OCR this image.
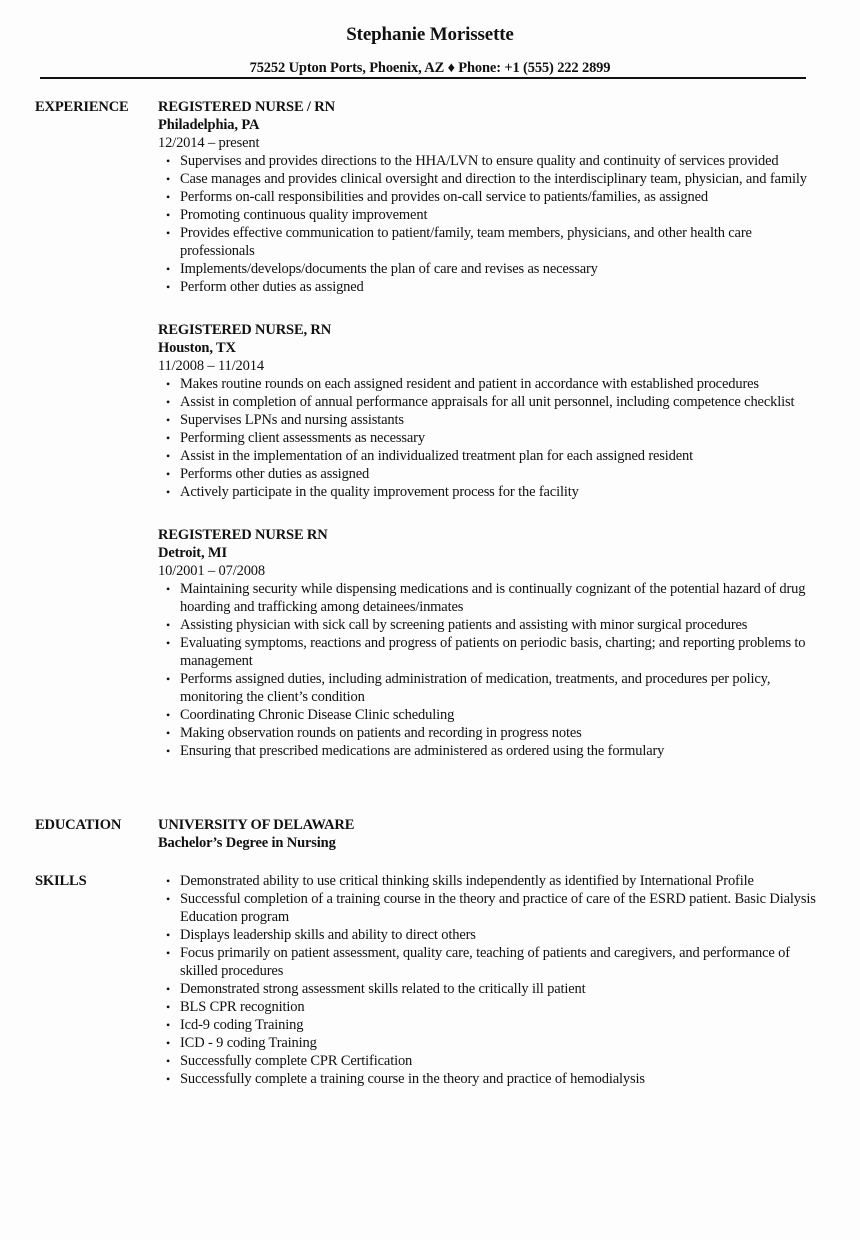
Stephanie Morissette
75252 Upton Ports, Phoenix, AZ ♦ Phone: +1 (555) 222 2899
EXPERIENCE REGISTERED NURSE / RN
Philadelphia, PA
12/2014 – present
• Supervises and provides directions to the HHA/LVN to ensure quality and continuity of services provided
• Case manages and provides clinical oversight and direction to the interdisciplinary team, physician, and family
• Performs on-call responsibilities and provides on-call service to patients/families, as assigned
• Promoting continuous quality improvement
• Provides effective communication to patient/family, team members, physicians, and other health care professionals
• Implements/develops/documents the plan of care and revises as necessary
• Perform other duties as assigned
REGISTERED NURSE, RN
Houston, TX
11/2008 – 11/2014
• Makes routine rounds on each assigned resident and patient in accordance with established procedures
• Assist in completion of annual performance appraisals for all unit personnel, including competence checklist
• Supervises LPNs and nursing assistants
• Performing client assessments as necessary
• Assist in the implementation of an individualized treatment plan for each assigned resident
• Performs other duties as assigned
• Actively participate in the quality improvement process for the facility
REGISTERED NURSE RN
Detroit, MI
10/2001 – 07/2008
• Maintaining security while dispensing medications and is continually cognizant of the potential hazard of drug hoarding and trafficking among detainees/inmates
• Assisting physician with sick call by screening patients and assisting with minor surgical procedures
• Evaluating symptoms, reactions and progress of patients on periodic basis, charting; and reporting problems to management
• Performs assigned duties, including administration of medication, treatments, and procedures per policy, monitoring the client’s condition
• Coordinating Chronic Disease Clinic scheduling
• Making observation rounds on patients and recording in progress notes
• Ensuring that prescribed medications are administered as ordered using the formulary
EDUCATION	UNIVERSITY OF DELAWARE
Bachelor’s Degree in Nursing
SKILLS	• Demonstrated ability to use critical thinking skills independently as identified by International Profile
• Successful completion of a training course in the theory and practice of care of the ESRD patient. Basic Dialysis Education program
• Displays leadership skills and ability to direct others
• Focus primarily on patient assessment, quality care, teaching of patients and caregivers, and performance of skilled procedures
• Demonstrated strong assessment skills related to the critically ill patient
• BLS CPR recognition
• Icd-9 coding Training
• ICD - 9 coding Training
• Successfully complete CPR Certification
• Successfully complete a training course in the theory and practice of hemodialysis
